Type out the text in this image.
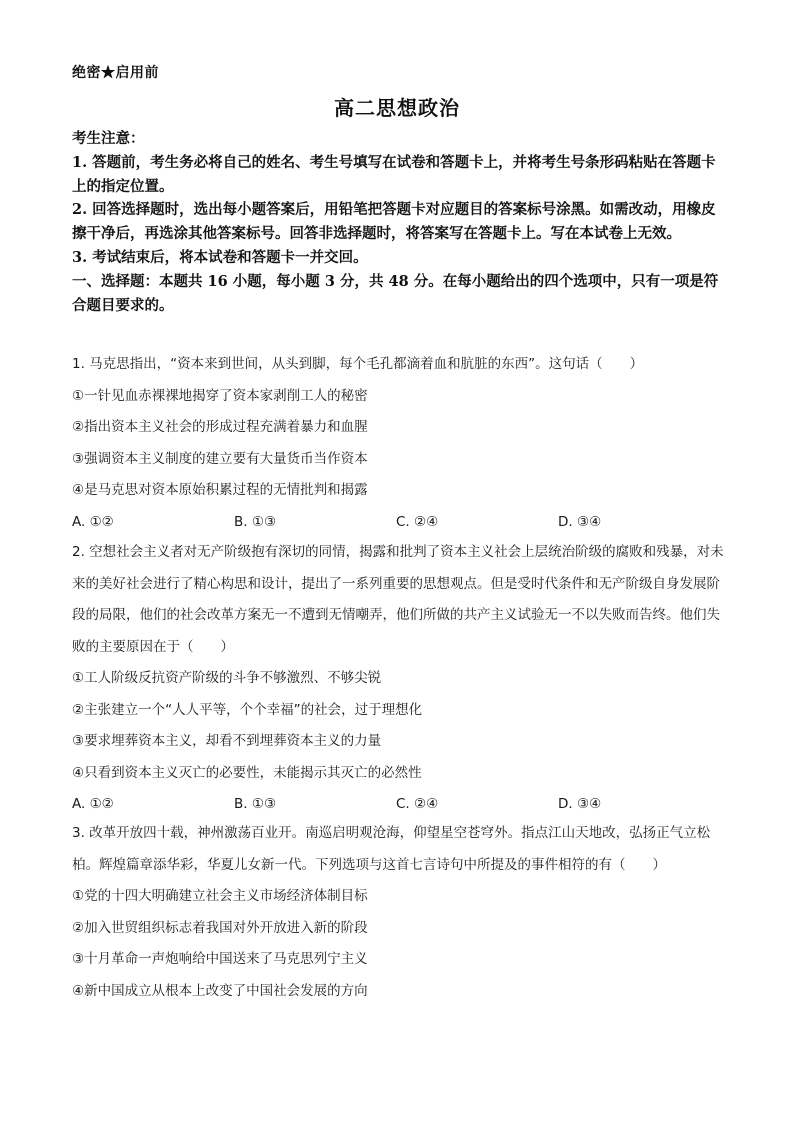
绝密★启用前
高二思想政治

考生注意：

1. 答题前，考生务必将自己的姓名、考生号填写在试卷和答题卡上，并将考生号条形码粘贴在答题卡上的指定位置。

2. 回答选择题时，选出每小题答案后，用铅笔把答题卡对应题目的答案标号涂黑。如需改动，用橡皮擦干净后，再选涂其他答案标号。回答非选择题时，将答案写在答题卡上。写在本试卷上无效。

3. 考试结束后，将本试卷和答题卡一并交回。

一、选择题：本题共 16 小题，每小题 3 分，共 48 分。在每小题给出的四个选项中，只有一项是符合题目要求的。

1. 马克思指出，“资本来到世间，从头到脚，每个毛孔都滴着血和肮脏的东西”。这句话（　　）

①一针见血赤裸裸地揭穿了资本家剥削工人的秘密

②指出资本主义社会的形成过程充满着暴力和血腥

③强调资本主义制度的建立要有大量货币当作资本

④是马克思对资本原始积累过程的无情批判和揭露

A. ①②	B. ①③	C. ②④	D. ③④

2. 空想社会主义者对无产阶级抱有深切的同情，揭露和批判了资本主义社会上层统治阶级的腐败和残暴，对未来的美好社会进行了精心构思和设计，提出了一系列重要的思想观点。但是受时代条件和无产阶级自身发展阶段的局限，他们的社会改革方案无一不遭到无情嘲弄，他们所做的共产主义试验无一不以失败而告终。他们失败的主要原因在于（　　）

①工人阶级反抗资产阶级的斗争不够激烈、不够尖锐

②主张建立一个“人人平等，个个幸福”的社会，过于理想化

③要求埋葬资本主义，却看不到埋葬资本主义的力量

④只看到资本主义灭亡的必要性，未能揭示其灭亡的必然性

A. ①②	B. ①③	C. ②④	D. ③④

3. 改革开放四十载，神州激荡百业开。南巡启明观沧海，仰望星空苍穹外。指点江山天地改，弘扬正气立松柏。辉煌篇章添华彩，华夏儿女新一代。下列选项与这首七言诗句中所提及的事件相符的有（　　）

①党的十四大明确建立社会主义市场经济体制目标

②加入世贸组织标志着我国对外开放进入新的阶段

③十月革命一声炮响给中国送来了马克思列宁主义

④新中国成立从根本上改变了中国社会发展的方向
